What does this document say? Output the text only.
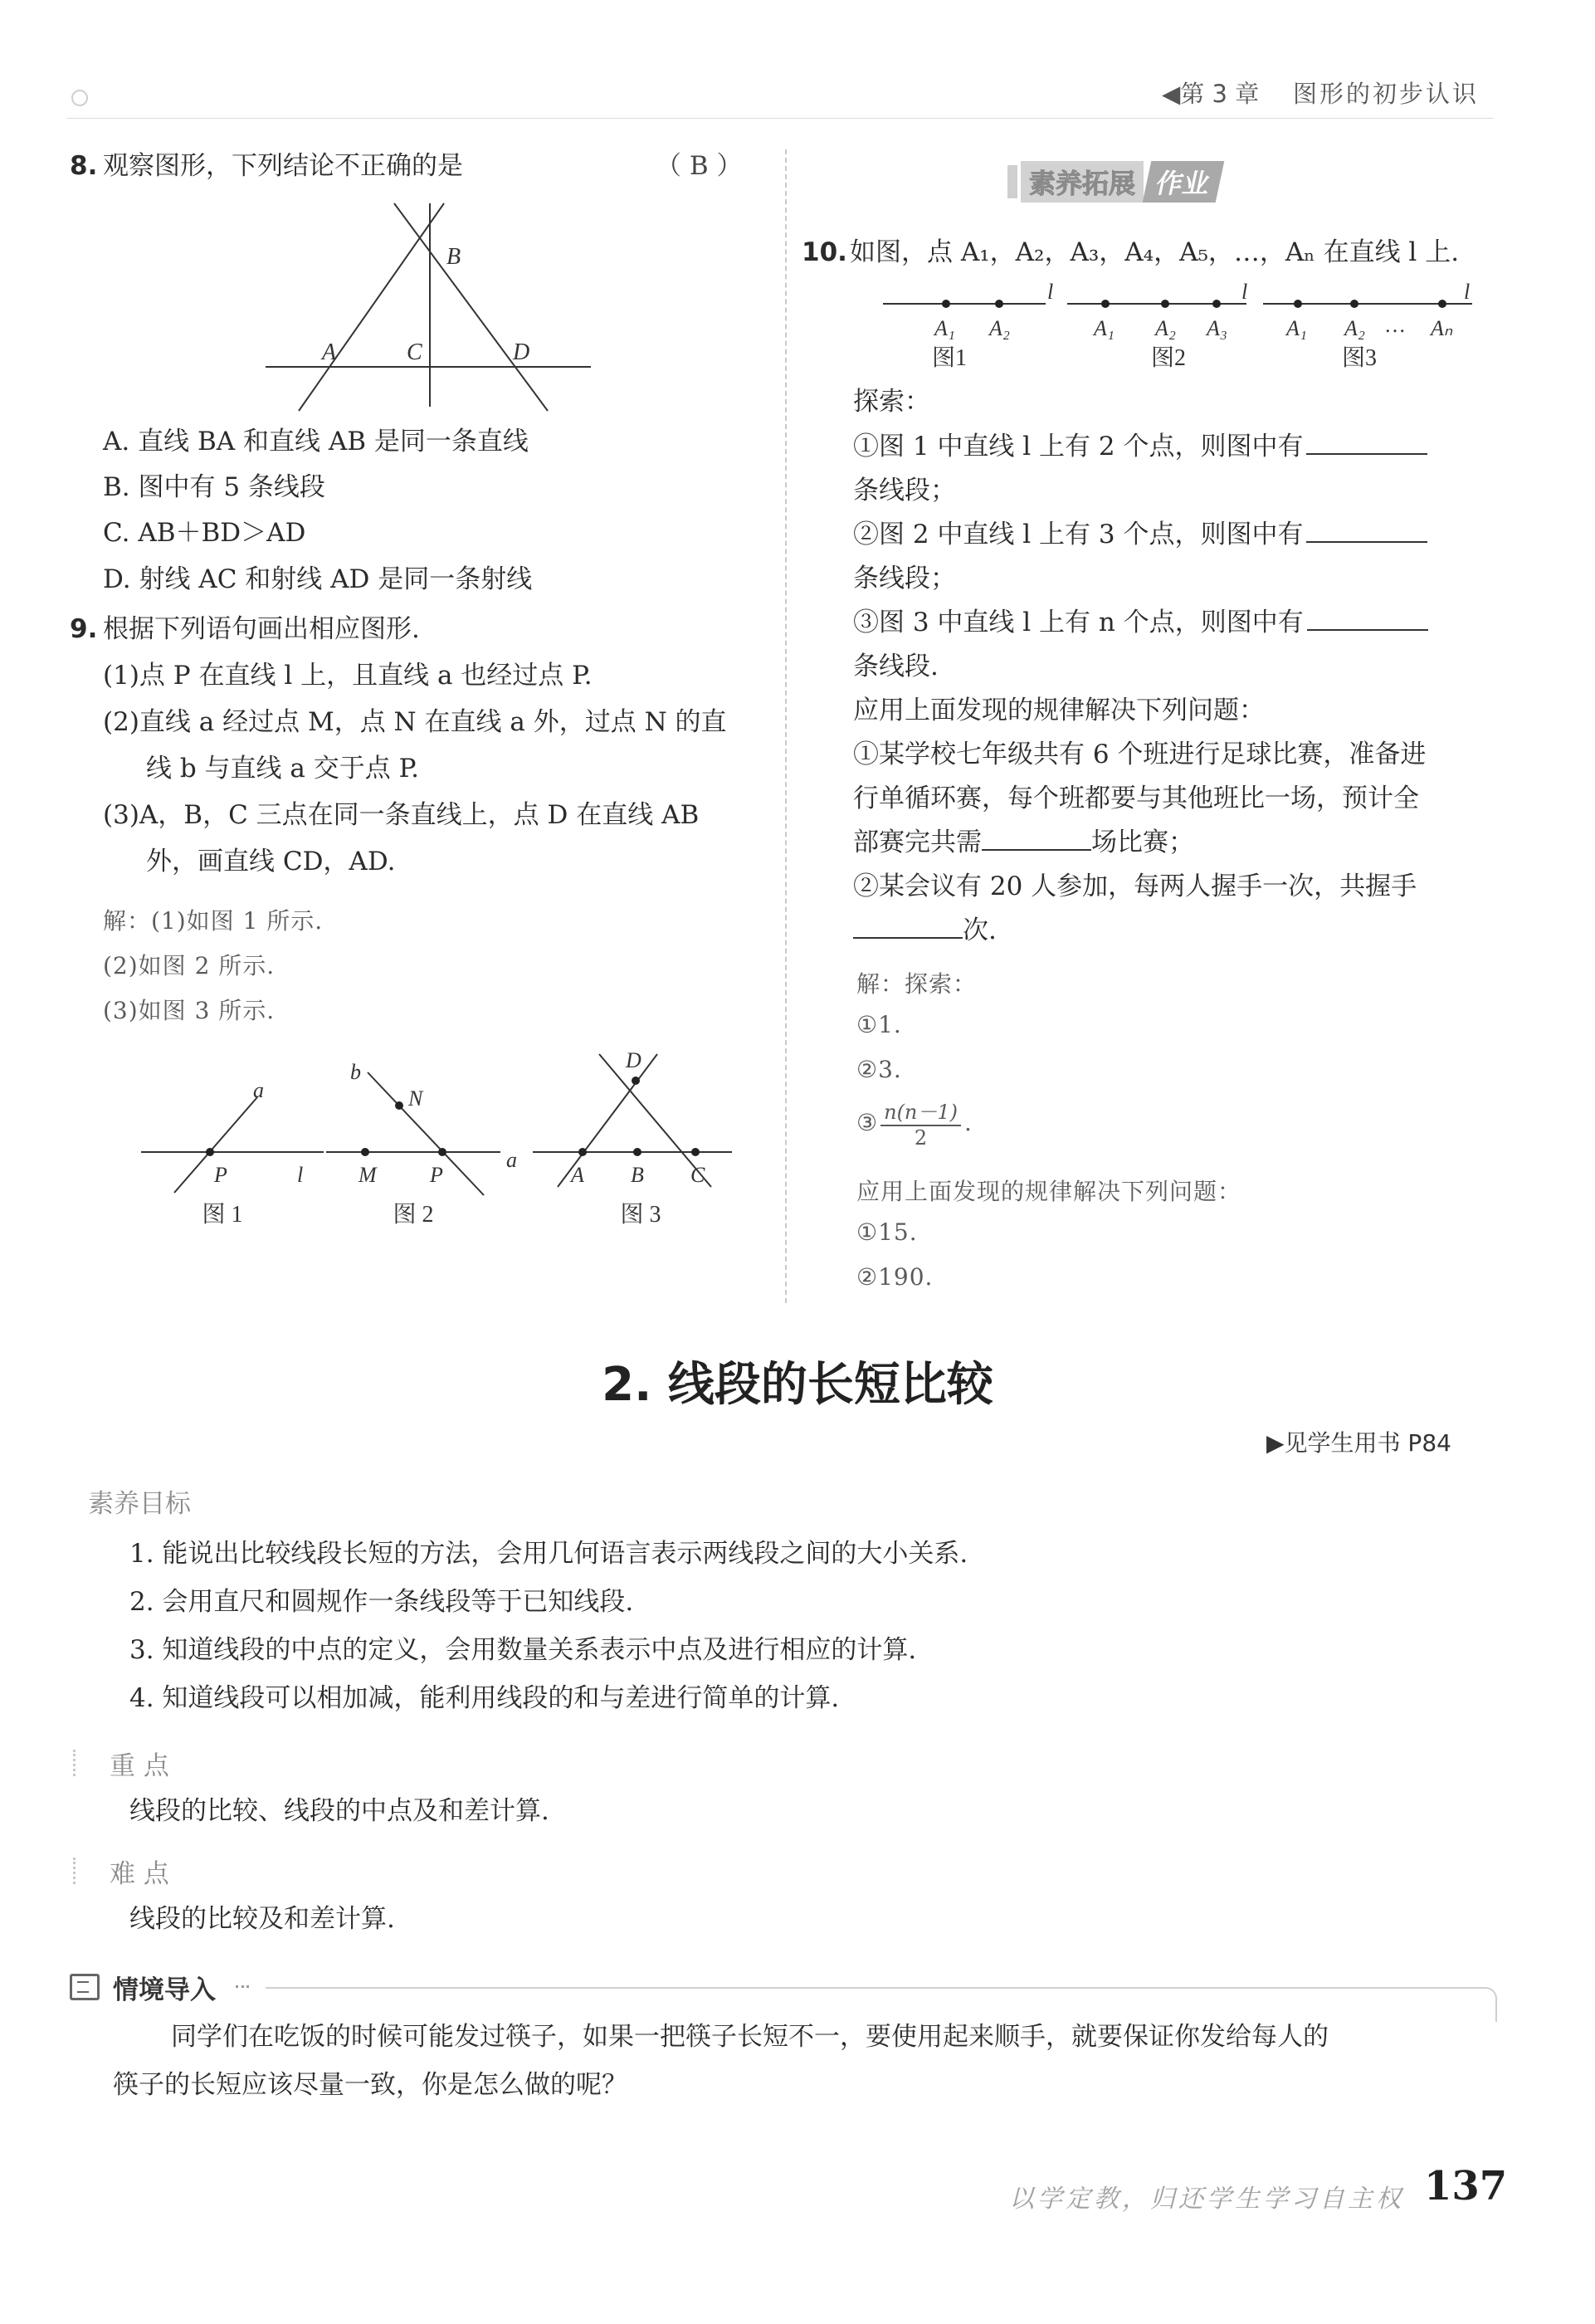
◀第 3 章 图形的初步认识
8. 观察图形，下列结论不正确的是	（ B ）
B
A	C	D
A. 直线 BA 和直线 AB 是同一条直线
B. 图中有 5 条线段
C. AB＋BD＞AD
D. 射线 AC 和射线 AD 是同一条射线
9. 根据下列语句画出相应图形.
(1)点 P 在直线 l 上，且直线 a 也经过点 P.
(2)直线 a 经过点 M，点 N 在直线 a 外，过点 N 的直
线 b 与直线 a 交于点 P.
(3)A，B，C 三点在同一条直线上，点 D 在直线 AB
外，画直线 CD，AD.
解：(1)如图 1 所示.
(2)如图 2 所示.
(3)如图 3 所示.
a
P	l
图 1
b
N
M P
a
图 2
D
A B C
图 3
素养拓展 作业
10. 如图，点 A₁，A₂，A₃，A₄，A₅，…，Aₙ 在直线 l 上.
A₁ A₂
l
图1
A₁ A₂ A₃
l
图2
A₁ A₂ … Aₙ
l
图3
探索：
①图 1 中直线 l 上有 2 个点，则图中有
条线段；
②图 2 中直线 l 上有 3 个点，则图中有
条线段；
③图 3 中直线 l 上有 n 个点，则图中有
条线段.
应用上面发现的规律解决下列问题：
①某学校七年级共有 6 个班进行足球比赛，准备进
行单循环赛，每个班都要与其他班比一场，预计全
部赛完共需	场比赛；
②某会议有 20 人参加，每两人握手一次，共握手
次.
解：探索：
①1.
②3.
③ $\frac{n(n-1)}{2}$ .
应用上面发现的规律解决下列问题：
①15.
②190.
2. 线段的长短比较
▶见学生用书 P84
素养目标
1. 能说出比较线段长短的方法，会用几何语言表示两线段之间的大小关系.
2. 会用直尺和圆规作一条线段等于已知线段.
3. 知道线段的中点的定义，会用数量关系表示中点及进行相应的计算.
4. 知道线段可以相加减，能利用线段的和与差进行简单的计算.
重 点
线段的比较、线段的中点及和差计算.
难 点
线段的比较及和差计算.
情境导入
同学们在吃饭的时候可能发过筷子，如果一把筷子长短不一，要使用起来顺手，就要保证你发给每人的
筷子的长短应该尽量一致，你是怎么做的呢？
以学定教，归还学生学习自主权 137
